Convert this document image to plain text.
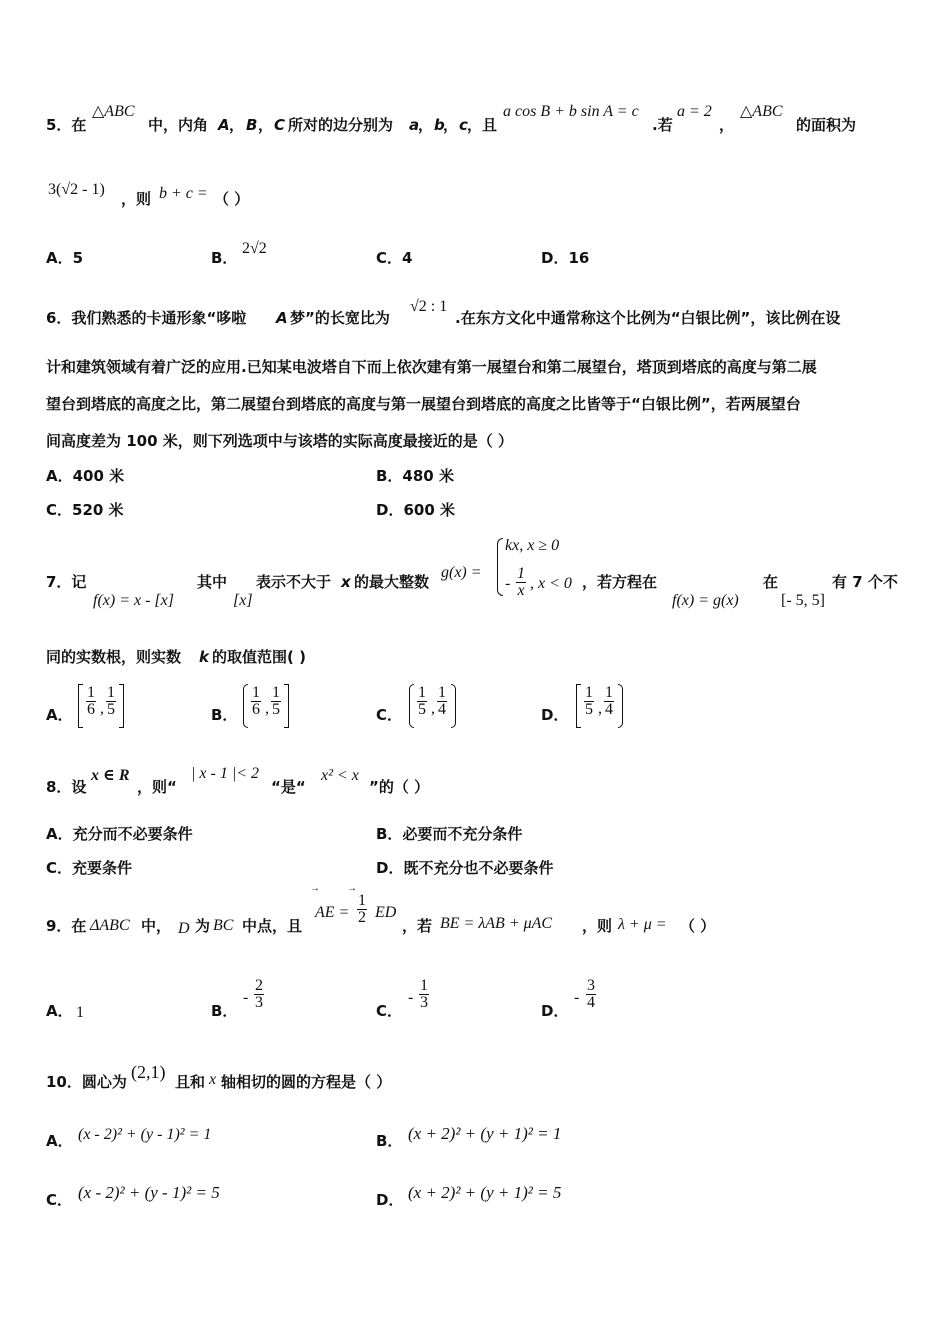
5．在
△ABC
中，内角 A ， B ， C 所对的边分别为 a
， b
， c ，且
a cos B + b sin A = c
.若
a = 2
，
△ABC
的面积为
3(√2 - 1)
，则 b + c = （ ）
A．5	B．
2√2
C．4	D．16
6．我们熟悉的卡通形象“哆啦 A 梦”的长宽比为
√2 : 1
.在东方文化中通常称这个比例为“白银比例”，该比例在设
计和建筑领域有着广泛的应用.已知某电波塔自下而上依次建有第一展望台和第二展望台，塔顶到塔底的高度与第二展
望台到塔底的高度之比，第二展望台到塔底的高度与第一展望台到塔底的高度之比皆等于“白银比例”，若两展望台
间高度差为 100 米，则下列选项中与该塔的实际高度最接近的是（ ）
A．400 米	B．480 米
C．520 米	D．600 米
7．记
f(x) = x - [x]
其中
[x]
表示不大于 x 的最大整数
g(x) =
kx, x ≥ 0
- $\frac{1}{x}$ , x < 0 ，若方程在
f(x) = g(x)
在
[- 5, 5]
有 7 个不
同的实数根，则实数 k 的取值范围( )
A． $\frac{1}{6}$ , $\frac{1}{5}$	B． $\frac{1}{6}$ , $\frac{1}{5}$	C． $\frac{1}{5}$ , $\frac{1}{4}$	D． $\frac{1}{5}$ , $\frac{1}{4}$
8．设
x ∈ R
，则“
| x - 1 |< 2
“是“
x² < x
”的（ ）
A．充分而不必要条件	B．必要而不充分条件
C．充要条件	D．既不充分也不必要条件
9．在 ΔABC 中， D 为 BC 中点，且
→	→
AE = $\frac{1}{2}$ ED
，若 BE = λAB + μAC ，则 λ + μ = （ ）
A． 1	B．
- $\frac{2}{3}$	C．
- $\frac{1}{3}$	D．
- $\frac{3}{4}$
10．圆心为 (2,1) 且和 x 轴相切的圆的方程是（ ）
A． (x - 2)² + (y - 1)² = 1	B． (x + 2)² + (y + 1)² = 1
C． (x - 2)² + (y - 1)² = 5	D． (x + 2)² + (y + 1)² = 5
